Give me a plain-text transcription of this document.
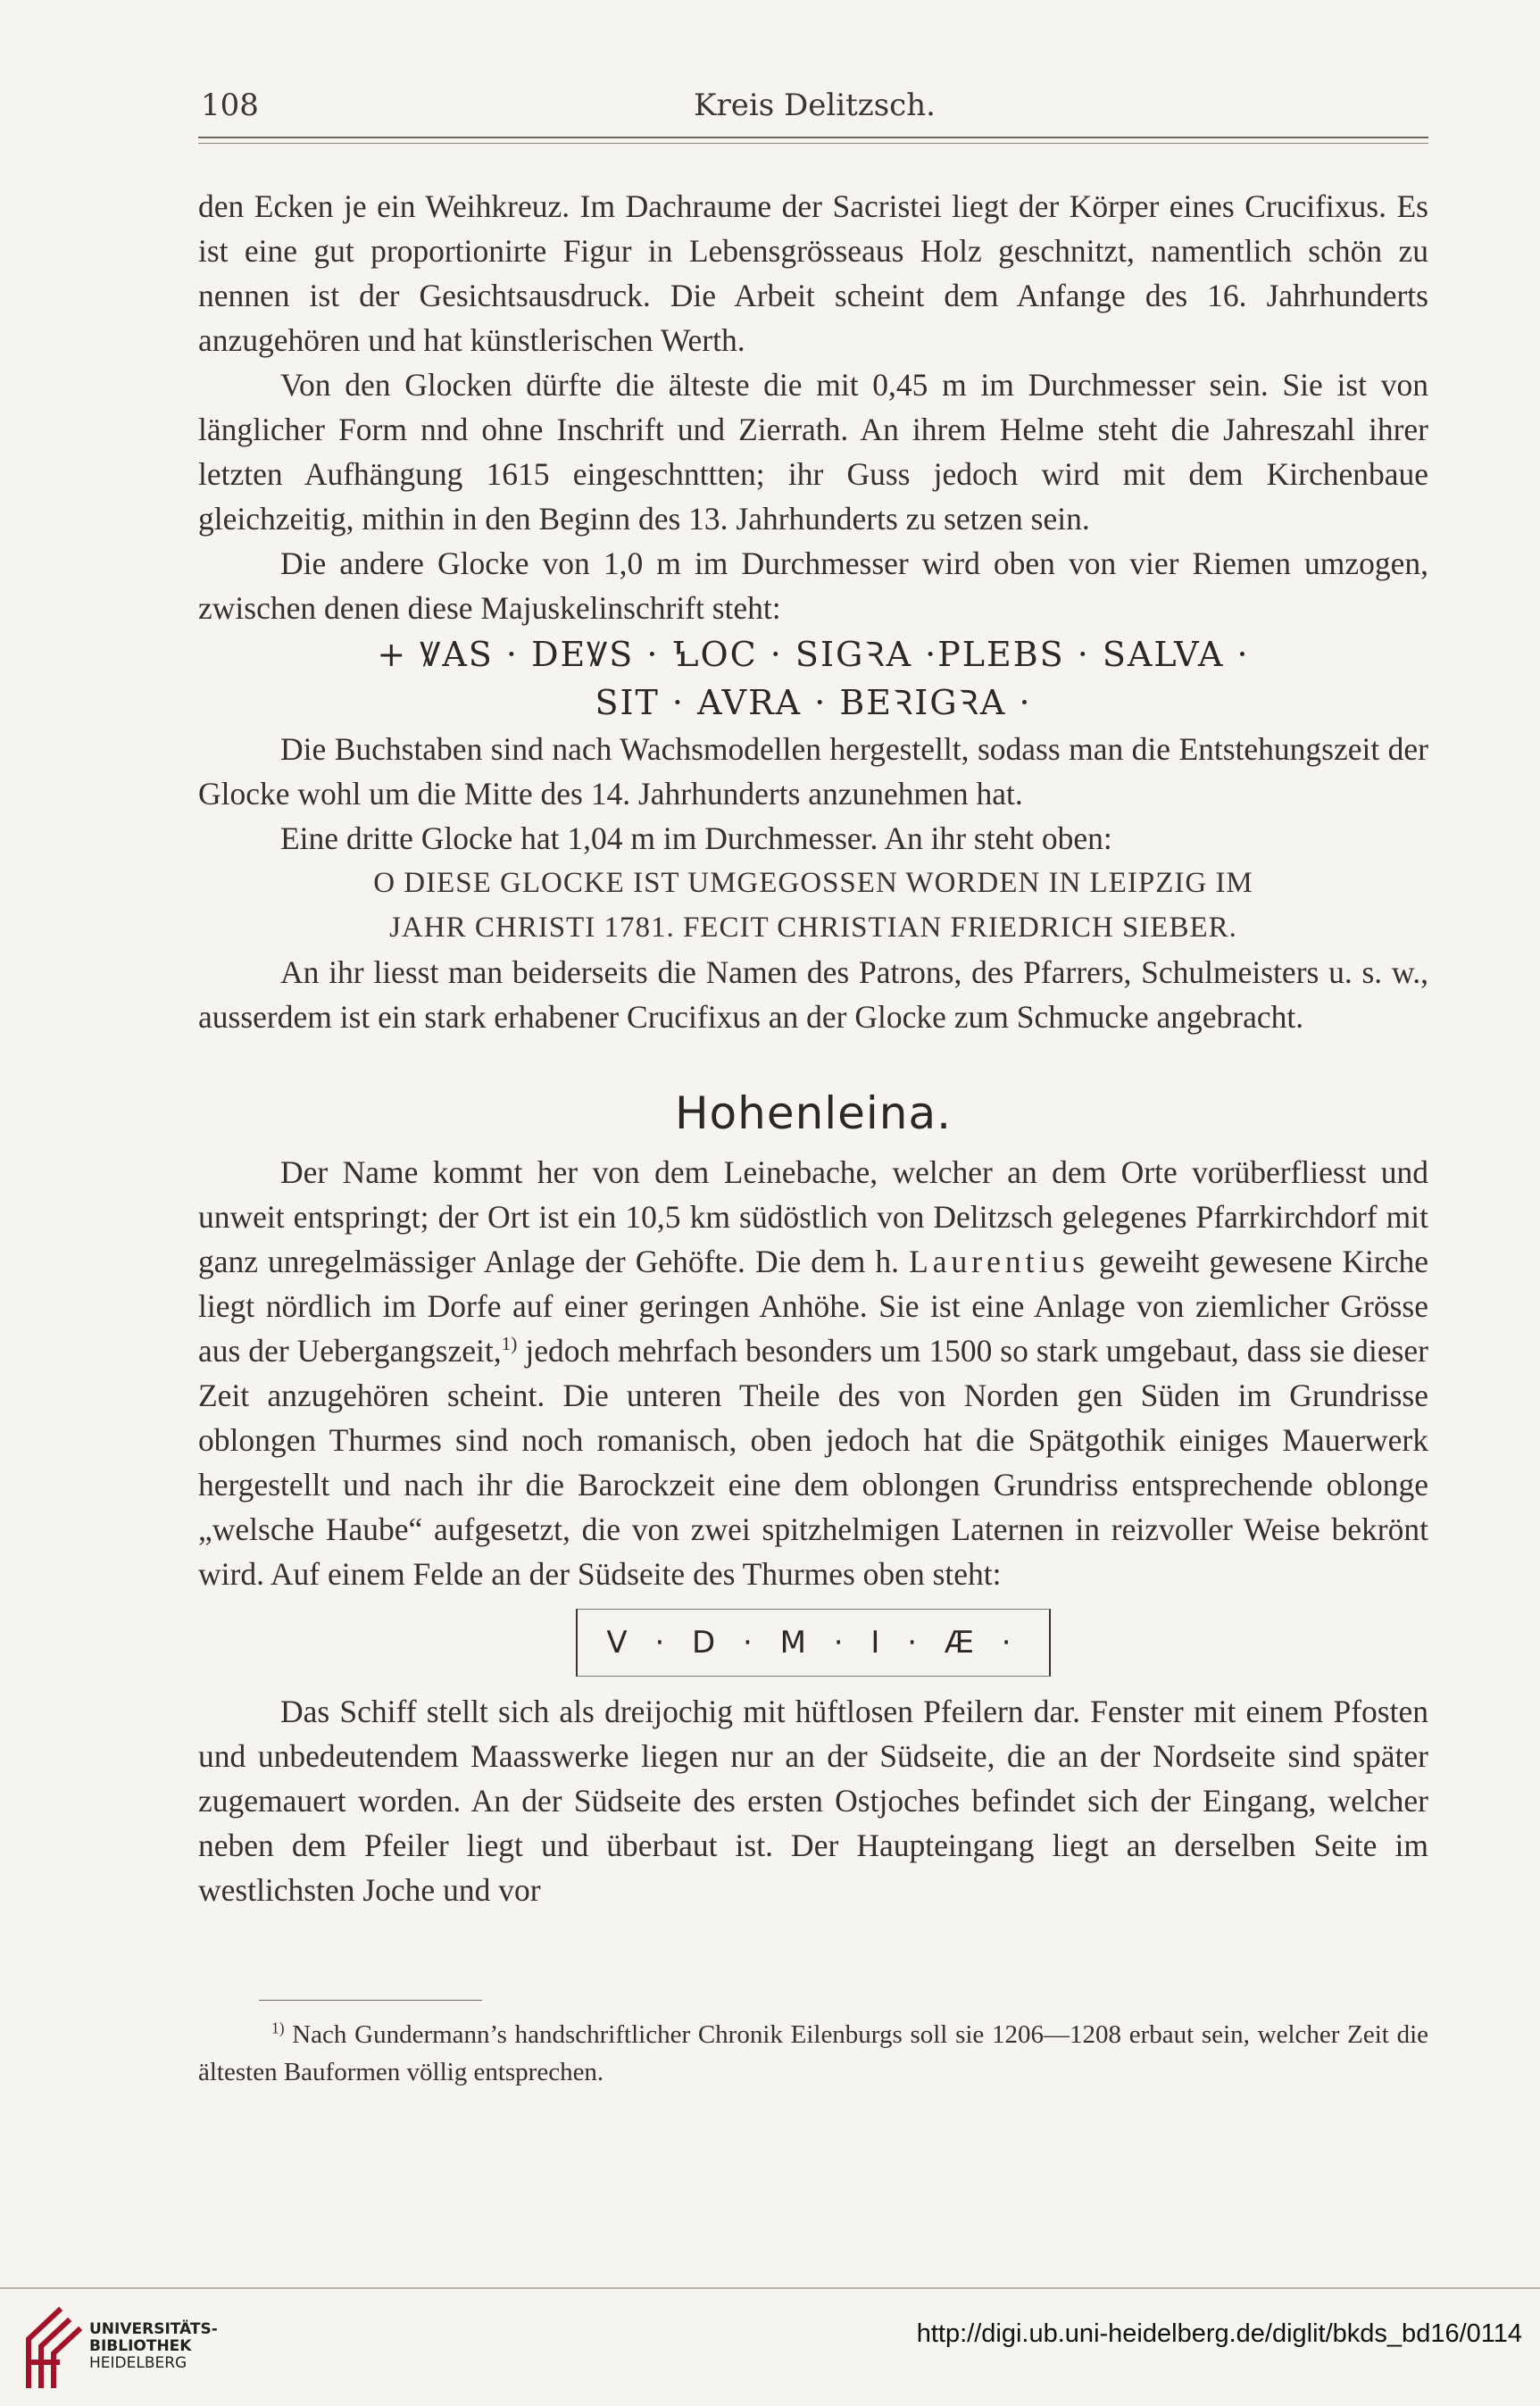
108	Kreis Delitzsch.

den Ecken je ein Weihkreuz. Im Dachraume der Sacristei liegt der Körper eines Crucifixus. Es ist eine gut proportionirte Figur in Lebensgrösseaus Holz geschnitzt, namentlich schön zu nennen ist der Gesichtsausdruck. Die Arbeit scheint dem Anfange des 16. Jahrhunderts anzugehören und hat künstlerischen Werth.

Von den Glocken dürfte die älteste die mit 0,45 m im Durchmesser sein. Sie ist von länglicher Form nnd ohne Inschrift und Zierrath. An ihrem Helme steht die Jahreszahl ihrer letzten Aufhängung 1615 eingeschnttten; ihr Guss jedoch wird mit dem Kirchenbaue gleichzeitig, mithin in den Beginn des 13. Jahrhunderts zu setzen sein.

Die andere Glocke von 1,0 m im Durchmesser wird oben von vier Riemen umzogen, zwischen denen diese Majuskelinschrift steht:

+ ꝞAS · DEꝞS · ꝆOC · SIGꝚA ·PLEBS · SALVA ·
SIT · AVRA · BEꝚIGꝚA ·

Die Buchstaben sind nach Wachsmodellen hergestellt, sodass man die Entstehungszeit der Glocke wohl um die Mitte des 14. Jahrhunderts anzunehmen hat.

Eine dritte Glocke hat 1,04 m im Durchmesser. An ihr steht oben:

O DIESE GLOCKE IST UMGEGOSSEN WORDEN IN LEIPZIG IM
JAHR CHRISTI 1781. FECIT CHRISTIAN FRIEDRICH SIEBER.

An ihr liesst man beiderseits die Namen des Patrons, des Pfarrers, Schulmeisters u. s. w., ausserdem ist ein stark erhabener Crucifixus an der Glocke zum Schmucke angebracht.

Hohenleina.

Der Name kommt her von dem Leinebache, welcher an dem Orte vorüberfliesst und unweit entspringt; der Ort ist ein 10,5 km südöstlich von Delitzsch gelegenes Pfarrkirchdorf mit ganz unregelmässiger Anlage der Gehöfte. Die dem h. Laurentius geweiht gewesene Kirche liegt nördlich im Dorfe auf einer geringen Anhöhe. Sie ist eine Anlage von ziemlicher Grösse aus der Uebergangszeit,$^{1)}$ jedoch mehrfach besonders um 1500 so stark umgebaut, dass sie dieser Zeit anzugehören scheint. Die unteren Theile des von Norden gen Süden im Grundrisse oblongen Thurmes sind noch romanisch, oben jedoch hat die Spätgothik einiges Mauerwerk hergestellt und nach ihr die Barockzeit eine dem oblongen Grundriss entsprechende oblonge „welsche Haube“ aufgesetzt, die von zwei spitzhelmigen Laternen in reizvoller Weise bekrönt wird. Auf einem Felde an der Südseite des Thurmes oben steht:

V · D · M · I · Æ ·

Das Schiff stellt sich als dreijochig mit hüftlosen Pfeilern dar. Fenster mit einem Pfosten und unbedeutendem Maasswerke liegen nur an der Südseite, die an der Nordseite sind später zugemauert worden. An der Südseite des ersten Ostjoches befindet sich der Eingang, welcher neben dem Pfeiler liegt und überbaut ist. Der Haupteingang liegt an derselben Seite im westlichsten Joche und vor

$^{1)}$ Nach Gundermann’s handschriftlicher Chronik Eilenburgs soll sie 1206—1208 erbaut sein, welcher Zeit die ältesten Bauformen völlig entsprechen.

UNIVERSITÄTS-
BIBLIOTHEK
HEIDELBERG
http://digi.ub.uni-heidelberg.de/diglit/bkds_bd16/0114
